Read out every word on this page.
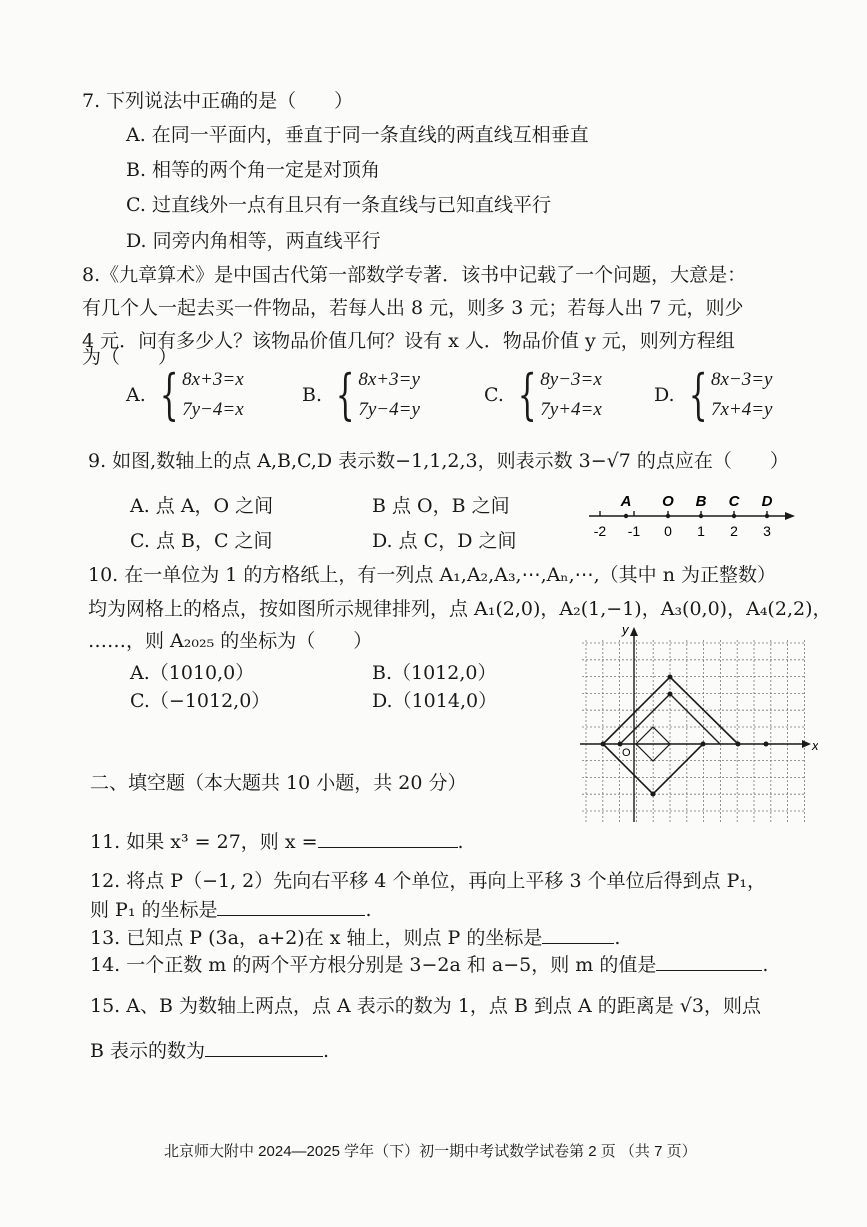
7. 下列说法中正确的是（　　）
A. 在同一平面内，垂直于同一条直线的两直线互相垂直
B. 相等的两个角一定是对顶角
C. 过直线外一点有且只有一条直线与已知直线平行
D. 同旁内角相等，两直线平行
8.《九章算术》是中国古代第一部数学专著．该书中记载了一个问题，大意是：
有几个人一起去买一件物品，若每人出 8 元，则多 3 元；若每人出 7 元，则少
4 元．问有多少人？该物品价值几何？设有 x 人．物品价值 y 元，则列方程组
为（　　）
A. { 8x+3=x
7y−4=x
B. { 8x+3=y
7y−4=y
C. { 8y−3=x
7y+4=x
D. { 8x−3=y
7x+4=y
9. 如图,数轴上的点 A,B,C,D 表示数−1,1,2,3，则表示数 3−√7 的点应在（　　）
A. 点 A，O 之间	B 点 O，B 之间
C. 点 B，C 之间	D. 点 C，D 之间
A O B C D
-2 -1 0 1 2 3
10. 在一单位为 1 的方格纸上，有一列点 A₁,A₂,A₃,⋯,Aₙ,⋯,（其中 n 为正整数）
均为网格上的格点，按如图所示规律排列，点 A₁(2,0)，A₂(1,−1)，A₃(0,0)，A₄(2,2)，
……，则 A₂₀₂₅ 的坐标为（　　）
A.（1010,0）	B.（1012,0）
C.（−1012,0）	D.（1014,0）
x
y
O
二、填空题（本大题共 10 小题，共 20 分）
11. 如果 x³ = 27，则 x =	.
12. 将点 P（−1, 2）先向右平移 4 个单位，再向上平移 3 个单位后得到点 P₁，
则 P₁ 的坐标是	.
13. 已知点 P (3a，a+2)在 x 轴上，则点 P 的坐标是	.
14. 一个正数 m 的两个平方根分别是 3−2a 和 a−5，则 m 的值是	.
15. A、B 为数轴上两点，点 A 表示的数为 1，点 B 到点 A 的距离是 √3，则点
B 表示的数为	.
北京师大附中 2024—2025 学年（下）初一期中考试数学试卷第 2 页 （共 7 页）
